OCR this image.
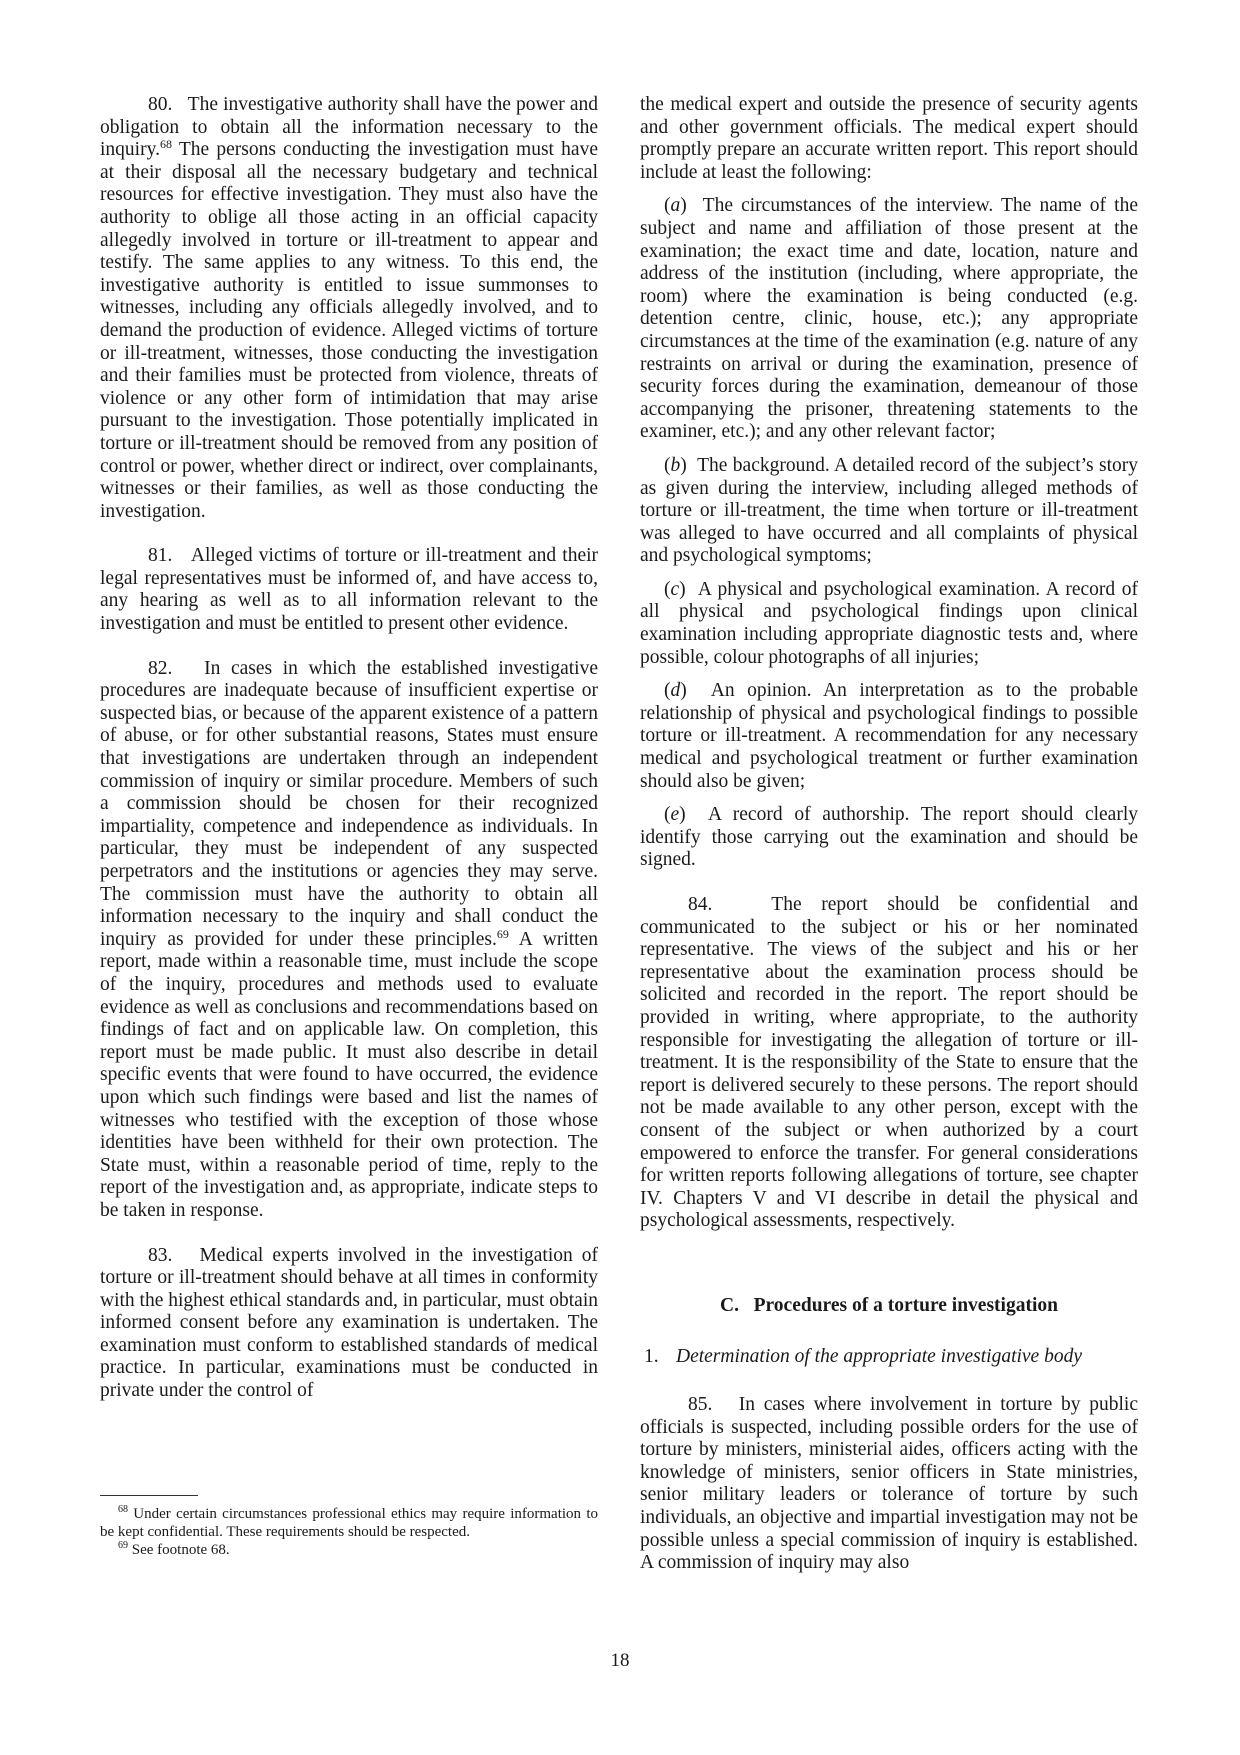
80. The investigative authority shall have the power and obligation to obtain all the information necessary to the inquiry.$^{68}$ The persons conducting the investigation must have at their disposal all the necessary budgetary and technical resources for effective investigation. They must also have the authority to oblige all those acting in an official capacity allegedly involved in torture or ill-treatment to appear and testify. The same applies to any witness. To this end, the investigative authority is entitled to issue summonses to witnesses, including any officials allegedly involved, and to demand the production of evidence. Alleged victims of torture or ill-treatment, witnesses, those conducting the investigation and their families must be protected from violence, threats of violence or any other form of intimidation that may arise pursuant to the investigation. Those potentially implicated in torture or ill-treatment should be removed from any position of control or power, whether direct or indirect, over complainants, witnesses or their families, as well as those conducting the investigation.

81. Alleged victims of torture or ill-treatment and their legal representatives must be informed of, and have access to, any hearing as well as to all information relevant to the investigation and must be entitled to present other evidence.

82. In cases in which the established investigative procedures are inadequate because of insufficient expertise or suspected bias, or because of the apparent existence of a pattern of abuse, or for other substantial reasons, States must ensure that investigations are undertaken through an independent commission of inquiry or similar procedure. Members of such a commission should be chosen for their recognized impartiality, competence and independence as individuals. In particular, they must be independent of any suspected perpetrators and the institutions or agencies they may serve. The commission must have the authority to obtain all information necessary to the inquiry and shall conduct the inquiry as provided for under these principles.$^{69}$ A written report, made within a reasonable time, must include the scope of the inquiry, procedures and methods used to evaluate evidence as well as conclusions and recommendations based on findings of fact and on applicable law. On completion, this report must be made public. It must also describe in detail specific events that were found to have occurred, the evidence upon which such findings were based and list the names of witnesses who testified with the exception of those whose identities have been withheld for their own protection. The State must, within a reasonable period of time, reply to the report of the investigation and, as appropriate, indicate steps to be taken in response.

83. Medical experts involved in the investigation of torture or ill-treatment should behave at all times in conformity with the highest ethical standards and, in particular, must obtain informed consent before any examination is undertaken. The examination must conform to established standards of medical practice. In particular, examinations must be conducted in private under the control of

$^{68}$ Under certain circumstances professional ethics may require information to be kept confidential. These requirements should be respected.

$^{69}$ See footnote 68.

the medical expert and outside the presence of security agents and other government officials. The medical expert should promptly prepare an accurate written report. This report should include at least the following:

(a)  The circumstances of the interview. The name of the subject and name and affiliation of those present at the examination; the exact time and date, location, nature and address of the institution (including, where appropriate, the room) where the examination is being conducted (e.g. detention centre, clinic, house, etc.); any appropriate circumstances at the time of the examination (e.g. nature of any restraints on arrival or during the examination, presence of security forces during the examination, demeanour of those accompanying the prisoner, threatening statements to the examiner, etc.); and any other relevant factor;

(b)  The background. A detailed record of the subject’s story as given during the interview, including alleged methods of torture or ill-treatment, the time when torture or ill-treatment was alleged to have occurred and all complaints of physical and psychological symptoms;

(c)  A physical and psychological examination. A record of all physical and psychological findings upon clinical examination including appropriate diagnostic tests and, where possible, colour photographs of all injuries;

(d)  An opinion. An interpretation as to the probable relationship of physical and psychological findings to possible torture or ill-treatment. A recommendation for any necessary medical and psychological treatment or further examination should also be given;

(e)  A record of authorship. The report should clearly identify those carrying out the examination and should be signed.

84.	The report should be confidential and communicated to the subject or his or her nominated representative. The views of the subject and his or her representative about the examination process should be solicited and recorded in the report. The report should be provided in writing, where appropriate, to the authority responsible for investigating the allegation of torture or ill-treatment. It is the responsibility of the State to ensure that the report is delivered securely to these persons. The report should not be made available to any other person, except with the consent of the subject or when authorized by a court empowered to enforce the transfer. For general considerations for written reports following allegations of torture, see chapter IV. Chapters V and VI describe in detail the physical and psychological assessments, respectively.

C.   Procedures of a torture investigation

1. Determination of the appropriate investigative body

85. In cases where involvement in torture by public officials is suspected, including possible orders for the use of torture by ministers, ministerial aides, officers acting with the knowledge of ministers, senior officers in State ministries, senior military leaders or tolerance of torture by such individuals, an objective and impartial investigation may not be possible unless a special commission of inquiry is established. A commission of inquiry may also

18
